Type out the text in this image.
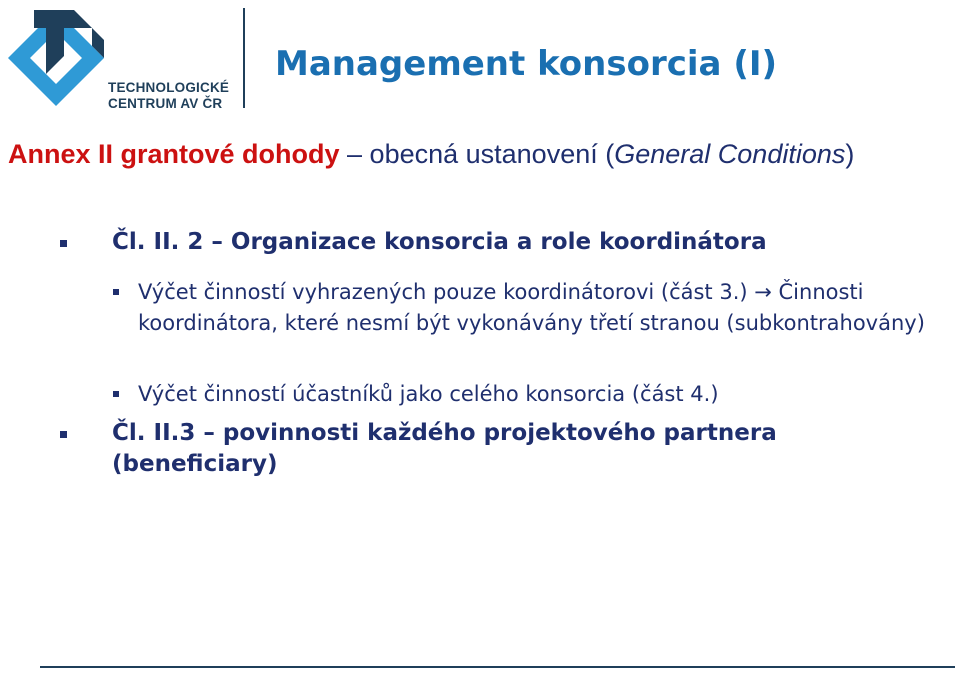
TECHNOLOGICKÉ
CENTRUM AV ČR
Management konsorcia (I)
Annex II grantové dohody – obecná ustanovení (General Conditions)
Čl. II. 2 – Organizace konsorcia a role koordinátora
Výčet činností vyhrazených pouze koordinátorovi (část 3.) → Činnosti koordinátora, které nesmí být vykonávány třetí stranou (subkontrahovány)
Výčet činností účastníků jako celého konsorcia (část 4.)
Čl. II.3 – povinnosti každého projektového partnera (beneficiary)
